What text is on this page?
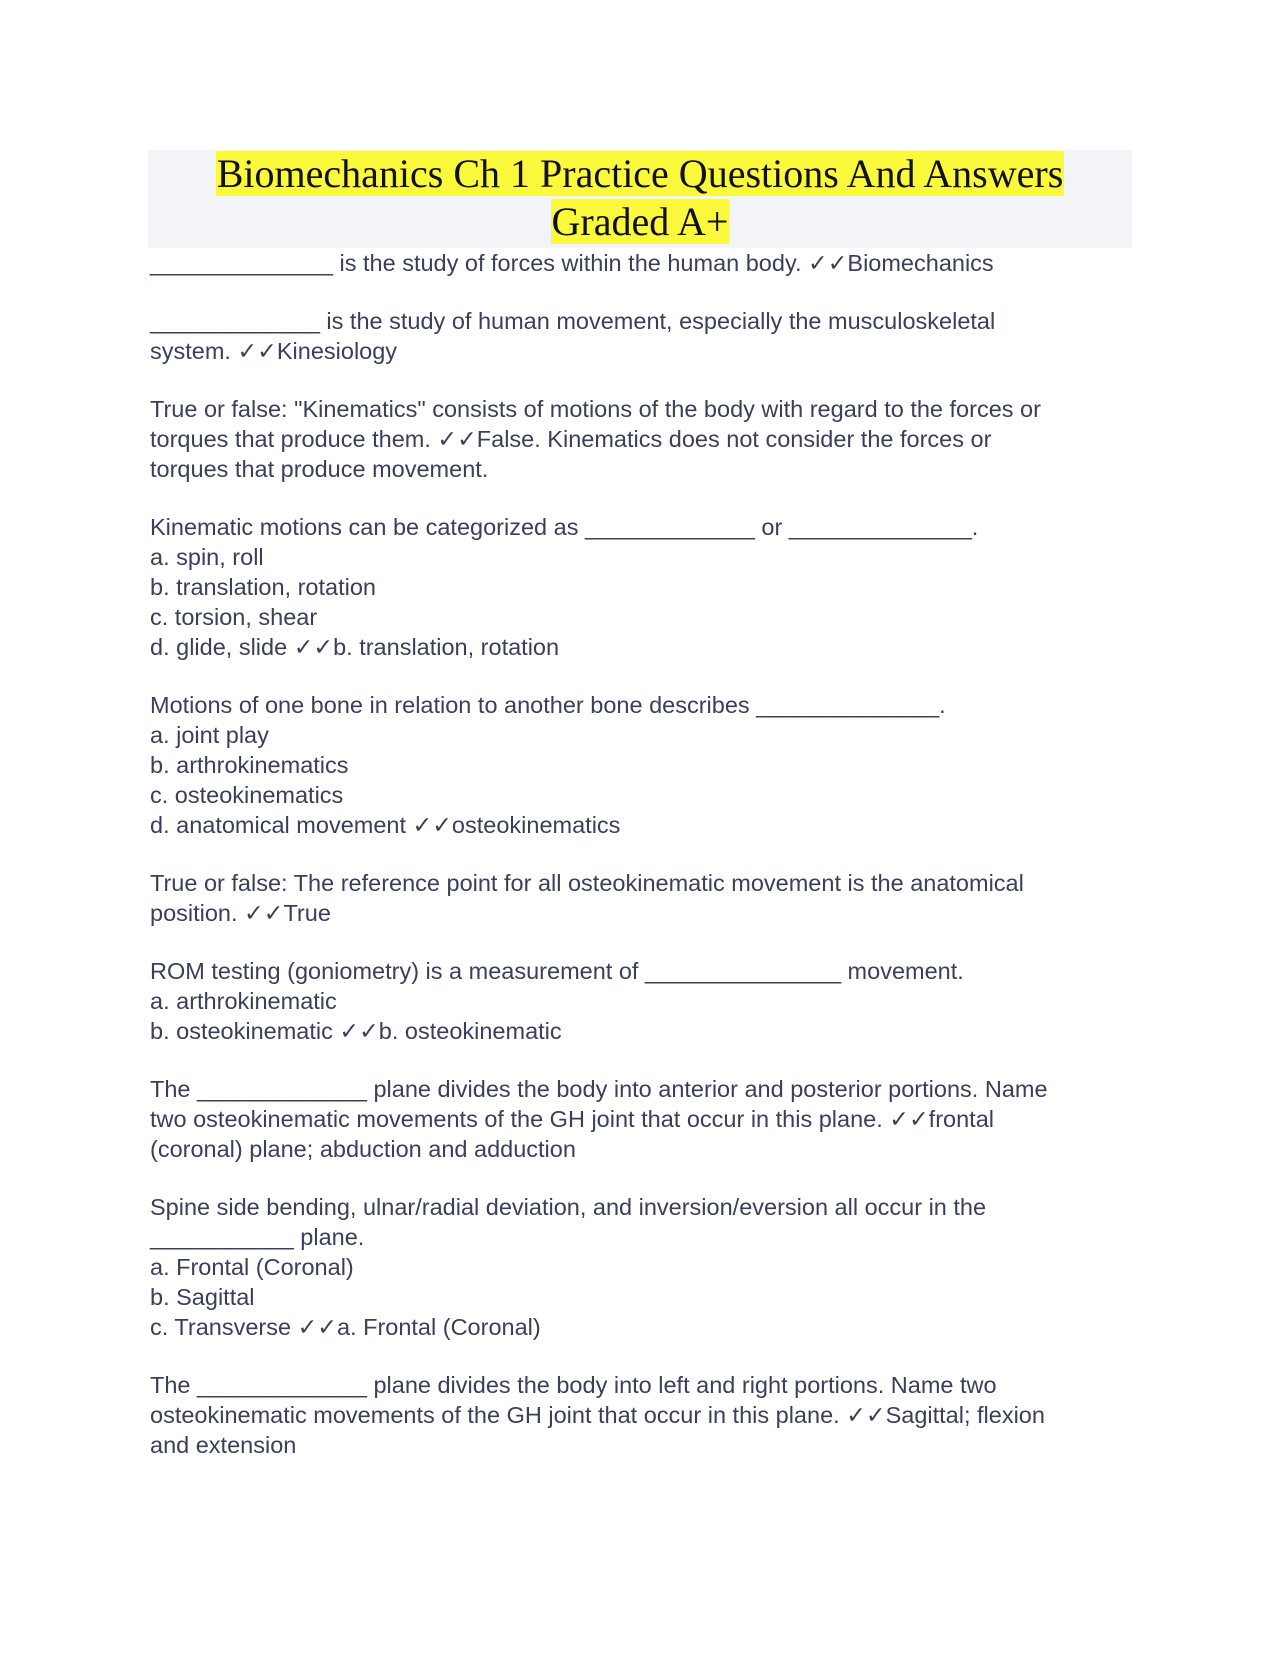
Biomechanics Ch 1 Practice Questions And Answers
Graded A+
______________ is the study of forces within the human body. ✓✓Biomechanics
_____________ is the study of human movement, especially the musculoskeletal
system. ✓✓Kinesiology
True or false: "Kinematics" consists of motions of the body with regard to the forces or
torques that produce them. ✓✓False. Kinematics does not consider the forces or
torques that produce movement.
Kinematic motions can be categorized as _____________ or ______________.
a. spin, roll
b. translation, rotation
c. torsion, shear
d. glide, slide ✓✓b. translation, rotation
Motions of one bone in relation to another bone describes ______________.
a. joint play
b. arthrokinematics
c. osteokinematics
d. anatomical movement ✓✓osteokinematics
True or false: The reference point for all osteokinematic movement is the anatomical
position. ✓✓True
ROM testing (goniometry) is a measurement of _______________ movement.
a. arthrokinematic
b. osteokinematic ✓✓b. osteokinematic
The _____________ plane divides the body into anterior and posterior portions. Name
two osteokinematic movements of the GH joint that occur in this plane. ✓✓frontal
(coronal) plane; abduction and adduction
Spine side bending, ulnar/radial deviation, and inversion/eversion all occur in the
___________ plane.
a. Frontal (Coronal)
b. Sagittal
c. Transverse ✓✓a. Frontal (Coronal)
The _____________ plane divides the body into left and right portions. Name two
osteokinematic movements of the GH joint that occur in this plane. ✓✓Sagittal; flexion
and extension
